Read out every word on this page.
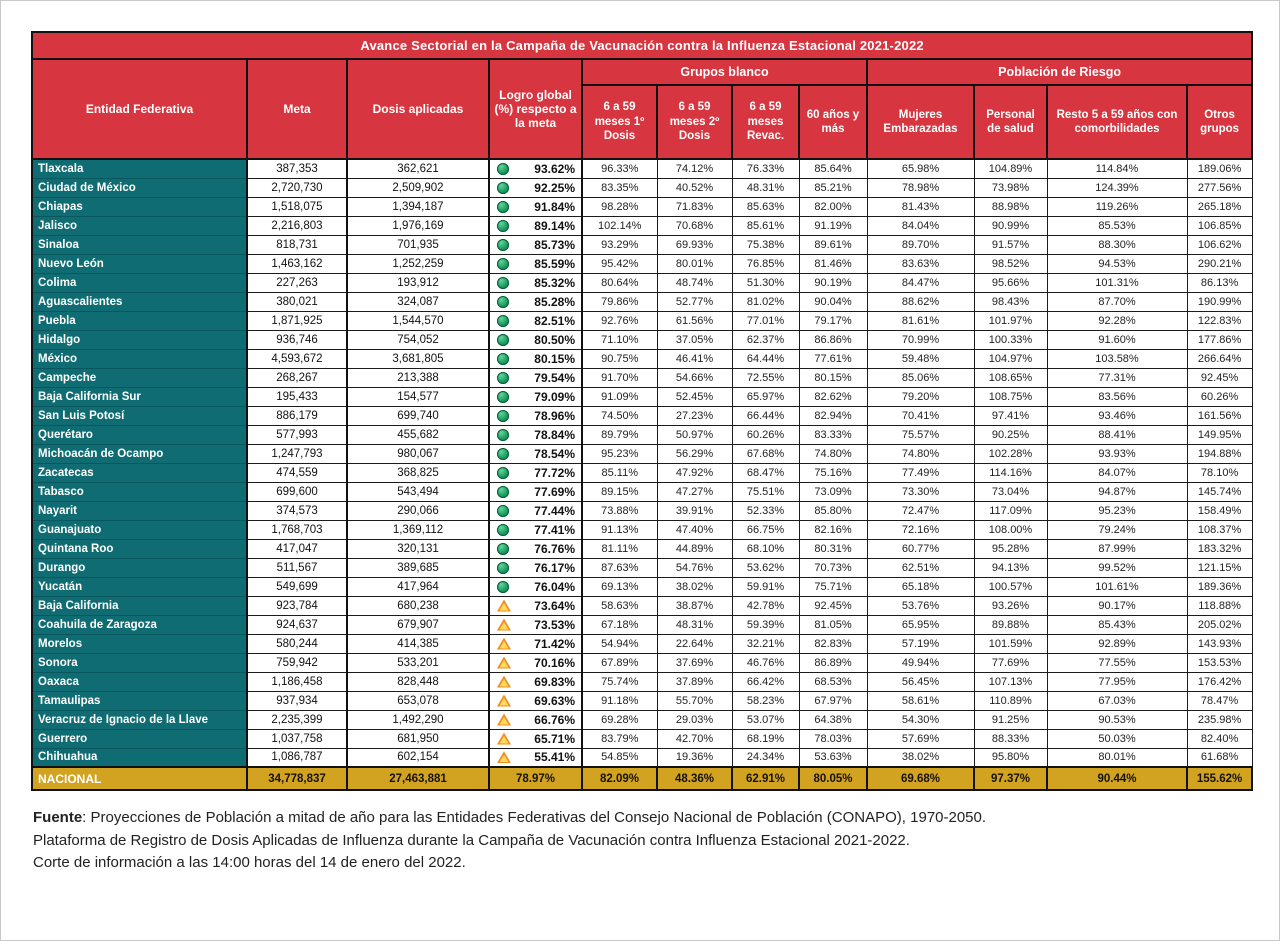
Avance Sectorial en la Campaña de Vacunación contra la Influenza Estacional 2021-2022											
Entidad Federativa	Meta	Dosis aplicadas	Logro global (%) respecto a la meta	Grupos blanco				Población de Riesgo			
				6 a 59 meses 1º Dosis	6 a 59 meses 2º Dosis	6 a 59 meses Revac.	60 años y más	Mujeres Embarazadas	Personal de salud	Resto 5 a 59 años con comorbilidades	Otros grupos
Tlaxcala	387,353	362,621	93.62%	96.33%	74.12%	76.33%	85.64%	65.98%	104.89%	114.84%	189.06%
Ciudad de México	2,720,730	2,509,902	92.25%	83.35%	40.52%	48.31%	85.21%	78.98%	73.98%	124.39%	277.56%
Chiapas	1,518,075	1,394,187	91.84%	98.28%	71.83%	85.63%	82.00%	81.43%	88.98%	119.26%	265.18%
Jalisco	2,216,803	1,976,169	89.14%	102.14%	70.68%	85.61%	91.19%	84.04%	90.99%	85.53%	106.85%
Sinaloa	818,731	701,935	85.73%	93.29%	69.93%	75.38%	89.61%	89.70%	91.57%	88.30%	106.62%
Nuevo León	1,463,162	1,252,259	85.59%	95.42%	80.01%	76.85%	81.46%	83.63%	98.52%	94.53%	290.21%
Colima	227,263	193,912	85.32%	80.64%	48.74%	51.30%	90.19%	84.47%	95.66%	101.31%	86.13%
Aguascalientes	380,021	324,087	85.28%	79.86%	52.77%	81.02%	90.04%	88.62%	98.43%	87.70%	190.99%
Puebla	1,871,925	1,544,570	82.51%	92.76%	61.56%	77.01%	79.17%	81.61%	101.97%	92.28%	122.83%
Hidalgo	936,746	754,052	80.50%	71.10%	37.05%	62.37%	86.86%	70.99%	100.33%	91.60%	177.86%
México	4,593,672	3,681,805	80.15%	90.75%	46.41%	64.44%	77.61%	59.48%	104.97%	103.58%	266.64%
Campeche	268,267	213,388	79.54%	91.70%	54.66%	72.55%	80.15%	85.06%	108.65%	77.31%	92.45%
Baja California Sur	195,433	154,577	79.09%	91.09%	52.45%	65.97%	82.62%	79.20%	108.75%	83.56%	60.26%
San Luis Potosí	886,179	699,740	78.96%	74.50%	27.23%	66.44%	82.94%	70.41%	97.41%	93.46%	161.56%
Querétaro	577,993	455,682	78.84%	89.79%	50.97%	60.26%	83.33%	75.57%	90.25%	88.41%	149.95%
Michoacán de Ocampo	1,247,793	980,067	78.54%	95.23%	56.29%	67.68%	74.80%	74.80%	102.28%	93.93%	194.88%
Zacatecas	474,559	368,825	77.72%	85.11%	47.92%	68.47%	75.16%	77.49%	114.16%	84.07%	78.10%
Tabasco	699,600	543,494	77.69%	89.15%	47.27%	75.51%	73.09%	73.30%	73.04%	94.87%	145.74%
Nayarit	374,573	290,066	77.44%	73.88%	39.91%	52.33%	85.80%	72.47%	117.09%	95.23%	158.49%
Guanajuato	1,768,703	1,369,112	77.41%	91.13%	47.40%	66.75%	82.16%	72.16%	108.00%	79.24%	108.37%
Quintana Roo	417,047	320,131	76.76%	81.11%	44.89%	68.10%	80.31%	60.77%	95.28%	87.99%	183.32%
Durango	511,567	389,685	76.17%	87.63%	54.76%	53.62%	70.73%	62.51%	94.13%	99.52%	121.15%
Yucatán	549,699	417,964	76.04%	69.13%	38.02%	59.91%	75.71%	65.18%	100.57%	101.61%	189.36%
Baja California	923,784	680,238	73.64%	58.63%	38.87%	42.78%	92.45%	53.76%	93.26%	90.17%	118.88%
Coahuila de Zaragoza	924,637	679,907	73.53%	67.18%	48.31%	59.39%	81.05%	65.95%	89.88%	85.43%	205.02%
Morelos	580,244	414,385	71.42%	54.94%	22.64%	32.21%	82.83%	57.19%	101.59%	92.89%	143.93%
Sonora	759,942	533,201	70.16%	67.89%	37.69%	46.76%	86.89%	49.94%	77.69%	77.55%	153.53%
Oaxaca	1,186,458	828,448	69.83%	75.74%	37.89%	66.42%	68.53%	56.45%	107.13%	77.95%	176.42%
Tamaulipas	937,934	653,078	69.63%	91.18%	55.70%	58.23%	67.97%	58.61%	110.89%	67.03%	78.47%
Veracruz de Ignacio de la Llave	2,235,399	1,492,290	66.76%	69.28%	29.03%	53.07%	64.38%	54.30%	91.25%	90.53%	235.98%
Guerrero	1,037,758	681,950	65.71%	83.79%	42.70%	68.19%	78.03%	57.69%	88.33%	50.03%	82.40%
Chihuahua	1,086,787	602,154	55.41%	54.85%	19.36%	24.34%	53.63%	38.02%	95.80%	80.01%	61.68%
NACIONAL	34,778,837	27,463,881	78.97%	82.09%	48.36%	62.91%	80.05%	69.68%	97.37%	90.44%	155.62%
Fuente: Proyecciones de Población a mitad de año para las Entidades Federativas del Consejo Nacional de Población (CONAPO), 1970-2050.
Plataforma de Registro de Dosis Aplicadas de Influenza durante la Campaña de Vacunación contra Influenza Estacional 2021-2022.
Corte de información a las 14:00 horas del 14 de enero del 2022.
